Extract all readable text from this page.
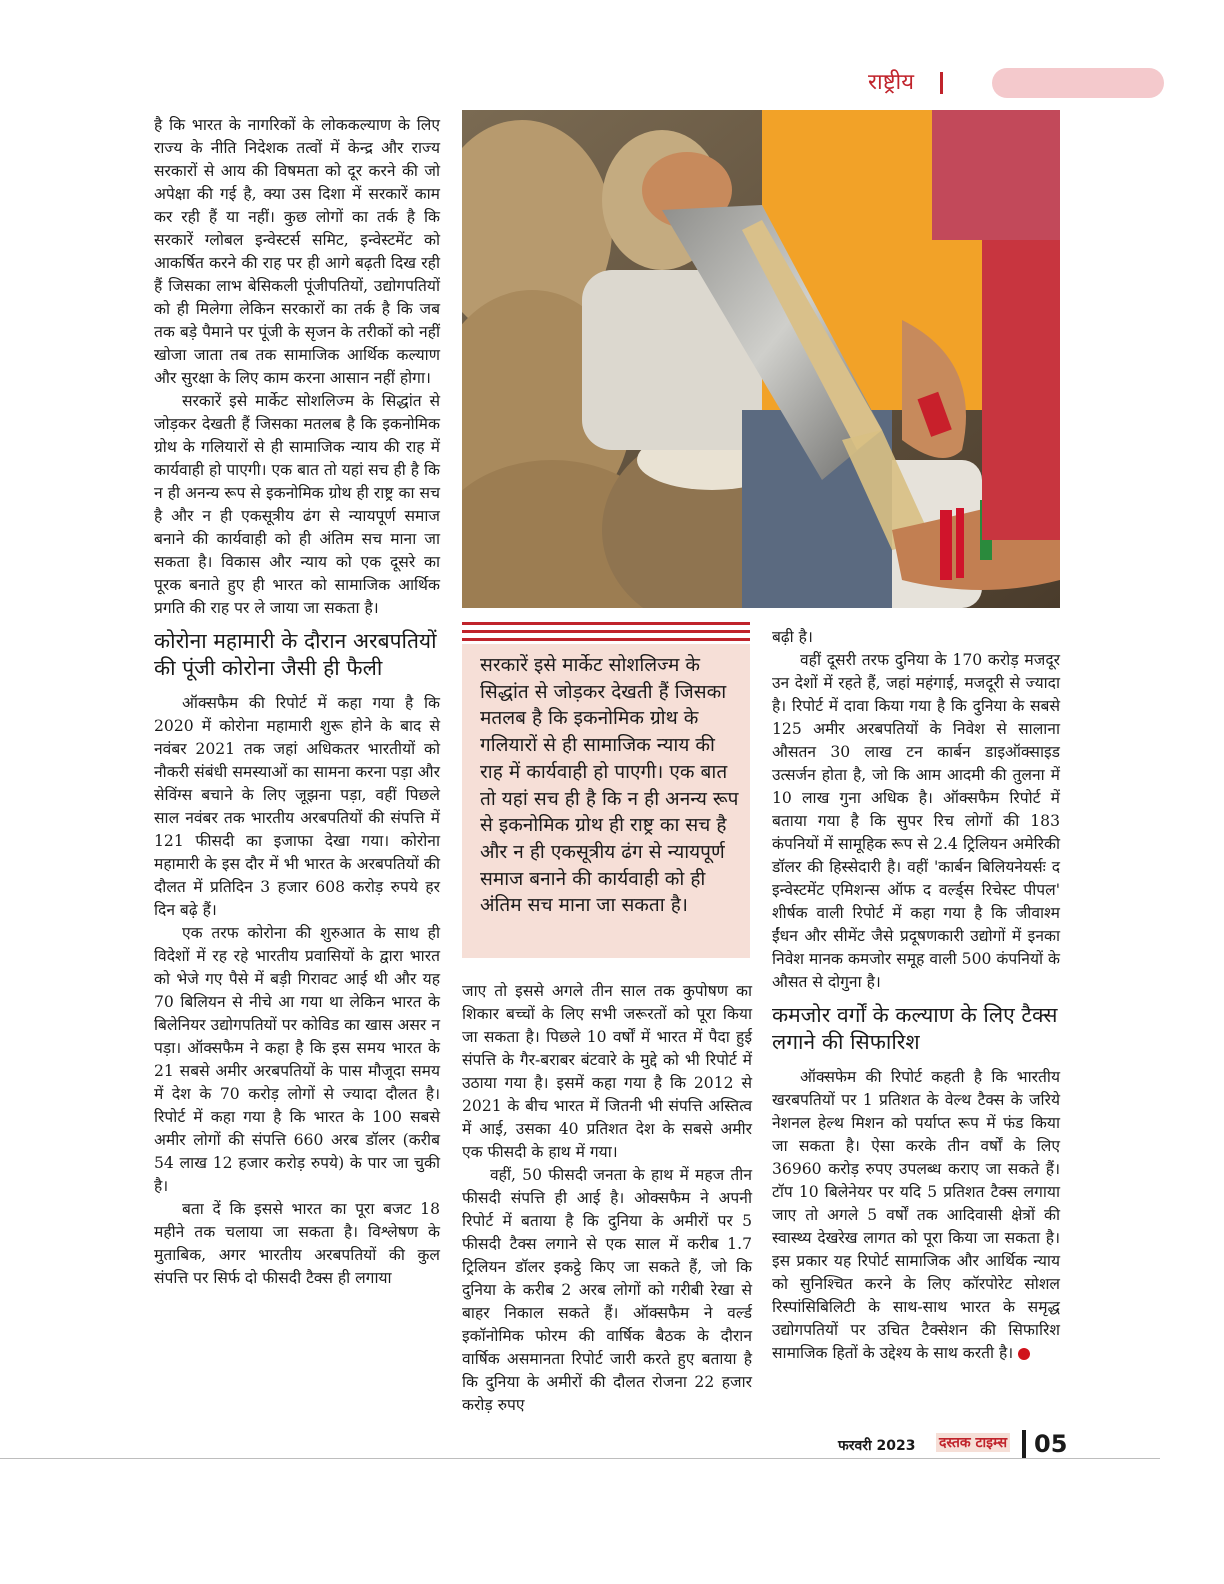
राष्ट्रीय

है कि भारत के नागरिकों के लोककल्याण के लिए राज्य के नीति निदेशक तत्वों में केन्द्र और राज्य सरकारों से आय की विषमता को दूर करने की जो अपेक्षा की गई है, क्या उस दिशा में सरकारें काम कर रही हैं या नहीं। कुछ लोगों का तर्क है कि सरकारें ग्लोबल इन्वेस्टर्स समिट, इन्वेस्टमेंट को आकर्षित करने की राह पर ही आगे बढ़ती दिख रही हैं जिसका लाभ बेसिकली पूंजीपतियों, उद्योगपतियों को ही मिलेगा लेकिन सरकारों का तर्क है कि जब तक बड़े पैमाने पर पूंजी के सृजन के तरीकों को नहीं खोजा जाता तब तक सामाजिक आर्थिक कल्याण और सुरक्षा के लिए काम करना आसान नहीं होगा।

सरकारें इसे मार्केट सोशलिज्म के सिद्धांत से जोड़कर देखती हैं जिसका मतलब है कि इकनोमिक ग्रोथ के गलियारों से ही सामाजिक न्याय की राह में कार्यवाही हो पाएगी। एक बात तो यहां सच ही है कि न ही अनन्य रूप से इकनोमिक ग्रोथ ही राष्ट्र का सच है और न ही एकसूत्रीय ढंग से न्यायपूर्ण समाज बनाने की कार्यवाही को ही अंतिम सच माना जा सकता है। विकास और न्याय को एक दूसरे का पूरक बनाते हुए ही भारत को सामाजिक आर्थिक प्रगति की राह पर ले जाया जा सकता है।

कोरोना महामारी के दौरान अरबपतियों की पूंजी कोरोना जैसी ही फैली

ऑक्सफैम की रिपोर्ट में कहा गया है कि 2020 में कोरोना महामारी शुरू होने के बाद से नवंबर 2021 तक जहां अधिकतर भारतीयों को नौकरी संबंधी समस्याओं का सामना करना पड़ा और सेविंग्स बचाने के लिए जूझना पड़ा, वहीं पिछले साल नवंबर तक भारतीय अरबपतियों की संपत्ति में 121 फीसदी का इजाफा देखा गया। कोरोना महामारी के इस दौर में भी भारत के अरबपतियों की दौलत में प्रतिदिन 3 हजार 608 करोड़ रुपये हर दिन बढ़े हैं।

एक तरफ कोरोना की शुरुआत के साथ ही विदेशों में रह रहे भारतीय प्रवासियों के द्वारा भारत को भेजे गए पैसे में बड़ी गिरावट आई थी और यह 70 बिलियन से नीचे आ गया था लेकिन भारत के बिलेनियर उद्योगपतियों पर कोविड का खास असर न पड़ा। ऑक्सफैम ने कहा है कि इस समय भारत के 21 सबसे अमीर अरबपतियों के पास मौजूदा समय में देश के 70 करोड़ लोगों से ज्यादा दौलत है। रिपोर्ट में कहा गया है कि भारत के 100 सबसे अमीर लोगों की संपत्ति 660 अरब डॉलर (करीब 54 लाख 12 हजार करोड़ रुपये) के पार जा चुकी है।

बता दें कि इससे भारत का पूरा बजट 18 महीने तक चलाया जा सकता है। विश्लेषण के मुताबिक, अगर भारतीय अरबपतियों की कुल संपत्ति पर सिर्फ दो फीसदी टैक्स ही लगाया

सरकारें इसे मार्केट सोशलिज्म के सिद्धांत से जोड़कर देखती हैं जिसका मतलब है कि इकनोमिक ग्रोथ के गलियारों से ही सामाजिक न्याय की राह में कार्यवाही हो पाएगी। एक बात तो यहां सच ही है कि न ही अनन्य रूप से इकनोमिक ग्रोथ ही राष्ट्र का सच है और न ही एकसूत्रीय ढंग से न्यायपूर्ण समाज बनाने की कार्यवाही को ही अंतिम सच माना जा सकता है।

जाए तो इससे अगले तीन साल तक कुपोषण का शिकार बच्चों के लिए सभी जरूरतों को पूरा किया जा सकता है। पिछले 10 वर्षों में भारत में पैदा हुई संपत्ति के गैर-बराबर बंटवारे के मुद्दे को भी रिपोर्ट में उठाया गया है। इसमें कहा गया है कि 2012 से 2021 के बीच भारत में जितनी भी संपत्ति अस्तित्व में आई, उसका 40 प्रतिशत देश के सबसे अमीर एक फीसदी के हाथ में गया।

वहीं, 50 फीसदी जनता के हाथ में महज तीन फीसदी संपत्ति ही आई है। ओक्सफैम ने अपनी रिपोर्ट में बताया है कि दुनिया के अमीरों पर 5 फीसदी टैक्स लगाने से एक साल में करीब 1.7 ट्रिलियन डॉलर इकट्ठे किए जा सकते हैं, जो कि दुनिया के करीब 2 अरब लोगों को गरीबी रेखा से बाहर निकाल सकते हैं। ऑक्सफैम ने वर्ल्ड इकॉनोमिक फोरम की वार्षिक बैठक के दौरान वार्षिक असमानता रिपोर्ट जारी करते हुए बताया है कि दुनिया के अमीरों की दौलत रोजना 22 हजार करोड़ रुपए

बढ़ी है।

वहीं दूसरी तरफ दुनिया के 170 करोड़ मजदूर उन देशों में रहते हैं, जहां महंगाई, मजदूरी से ज्यादा है। रिपोर्ट में दावा किया गया है कि दुनिया के सबसे 125 अमीर अरबपतियों के निवेश से सालाना औसतन 30 लाख टन कार्बन डाइऑक्साइड उत्सर्जन होता है, जो कि आम आदमी की तुलना में 10 लाख गुना अधिक है। ऑक्सफैम रिपोर्ट में बताया गया है कि सुपर रिच लोगों की 183 कंपनियों में सामूहिक रूप से 2.4 ट्रिलियन अमेरिकी डॉलर की हिस्सेदारी है। वहीं 'कार्बन बिलियनेयर्सः द इन्वेस्टमेंट एमिशन्स ऑफ द वर्ल्ड्स रिचेस्ट पीपल' शीर्षक वाली रिपोर्ट में कहा गया है कि जीवाश्म ईंधन और सीमेंट जैसे प्रदूषणकारी उद्योगों में इनका निवेश मानक कमजोर समूह वाली 500 कंपनियों के औसत से दोगुना है।

कमजोर वर्गों के कल्याण के लिए टैक्स लगाने की सिफारिश

ऑक्सफेम की रिपोर्ट कहती है कि भारतीय खरबपतियों पर 1 प्रतिशत के वेल्थ टैक्स के जरिये नेशनल हेल्थ मिशन को पर्याप्त रूप में फंड किया जा सकता है। ऐसा करके तीन वर्षों के लिए 36960 करोड़ रुपए उपलब्ध कराए जा सकते हैं। टॉप 10 बिलेनेयर पर यदि 5 प्रतिशत टैक्स लगाया जाए तो अगले 5 वर्षों तक आदिवासी क्षेत्रों की स्वास्थ्य देखरेख लागत को पूरा किया जा सकता है। इस प्रकार यह रिपोर्ट सामाजिक और आर्थिक न्याय को सुनिश्चित करने के लिए कॉरपोरेट सोशल रिस्पांसिबिलिटी के साथ-साथ भारत के समृद्ध उद्योगपतियों पर उचित टैक्सेशन की सिफारिश सामाजिक हितों के उद्देश्य के साथ करती है।

फरवरी 2023 दस्तक टाइम्स 05
